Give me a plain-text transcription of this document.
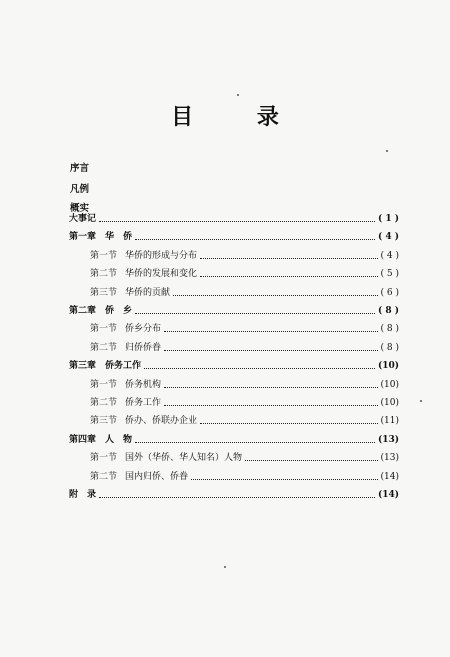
目 录
序言
凡例
概实
大事记	( 1 )
第一章　华　侨	( 4 )
第一节 华侨的形成与分布	( 4 )
第二节 华侨的发展和变化	( 5 )
第三节 华侨的贡献	( 6 )
第二章　侨　乡	( 8 )
第一节 侨乡分布	( 8 )
第二节 归侨侨眷	( 8 )
第三章　侨务工作	(10)
第一节 侨务机构	(10)
第二节 侨务工作	(10)
第三节 侨办、侨联办企业	(11)
第四章　人　物	(13)
第一节 国外（华侨、华人知名）人物	(13)
第二节 国内归侨、侨眷	(14)
附　录	(14)
